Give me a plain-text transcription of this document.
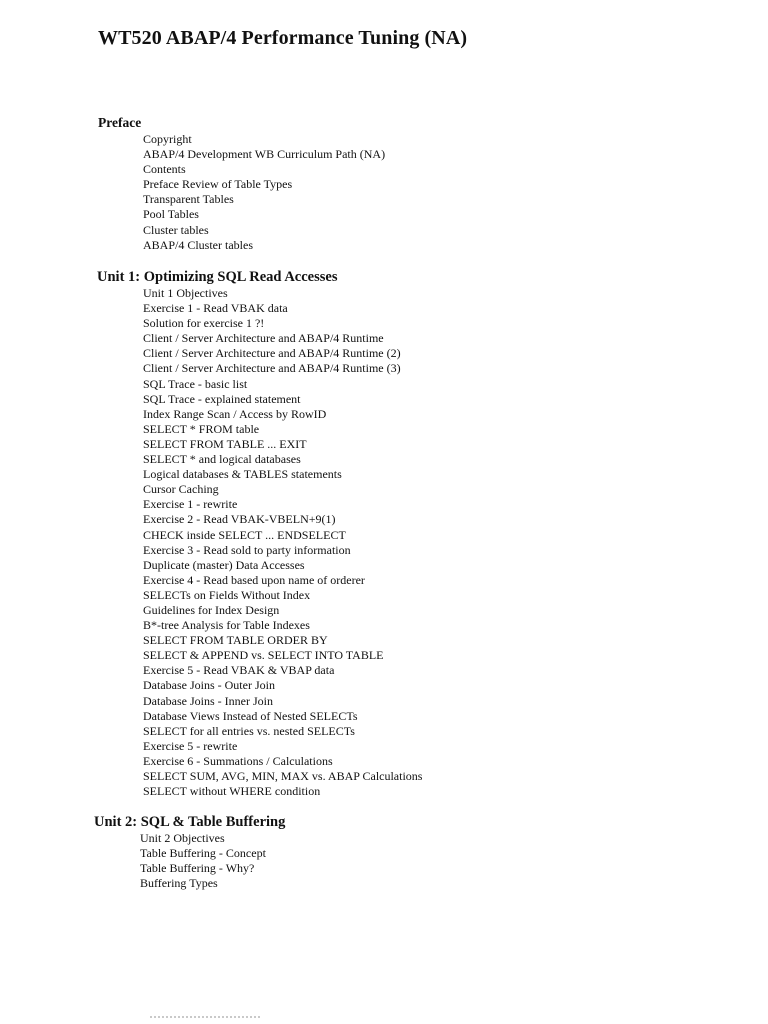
WT520 ABAP/4 Performance Tuning (NA)
Preface
Copyright
ABAP/4 Development WB Curriculum Path (NA)
Contents
Preface Review of Table Types
Transparent Tables
Pool Tables
Cluster tables
ABAP/4 Cluster tables
Unit 1: Optimizing SQL Read Accesses
Unit 1 Objectives
Exercise 1 - Read VBAK data
Solution for exercise 1 ?!
Client / Server Architecture and ABAP/4 Runtime
Client / Server Architecture and ABAP/4 Runtime (2)
Client / Server Architecture and ABAP/4 Runtime (3)
SQL Trace - basic list
SQL Trace - explained statement
Index Range Scan / Access by RowID
SELECT * FROM table
SELECT FROM TABLE ... EXIT
SELECT * and logical databases
Logical databases & TABLES statements
Cursor Caching
Exercise 1 - rewrite
Exercise 2 - Read VBAK-VBELN+9(1)
CHECK inside SELECT ... ENDSELECT
Exercise 3 - Read sold to party information
Duplicate (master) Data Accesses
Exercise 4 - Read based upon name of orderer
SELECTs on Fields Without Index
Guidelines for Index Design
B*-tree Analysis for Table Indexes
SELECT FROM TABLE ORDER BY
SELECT & APPEND vs. SELECT INTO TABLE
Exercise 5 - Read VBAK & VBAP data
Database Joins - Outer Join
Database Joins - Inner Join
Database Views Instead of Nested SELECTs
SELECT for all entries vs. nested SELECTs
Exercise 5 - rewrite
Exercise 6 - Summations / Calculations
SELECT SUM, AVG, MIN, MAX vs. ABAP Calculations
SELECT without WHERE condition
Unit 2: SQL & Table Buffering
Unit 2 Objectives
Table Buffering - Concept
Table Buffering - Why?
Buffering Types
